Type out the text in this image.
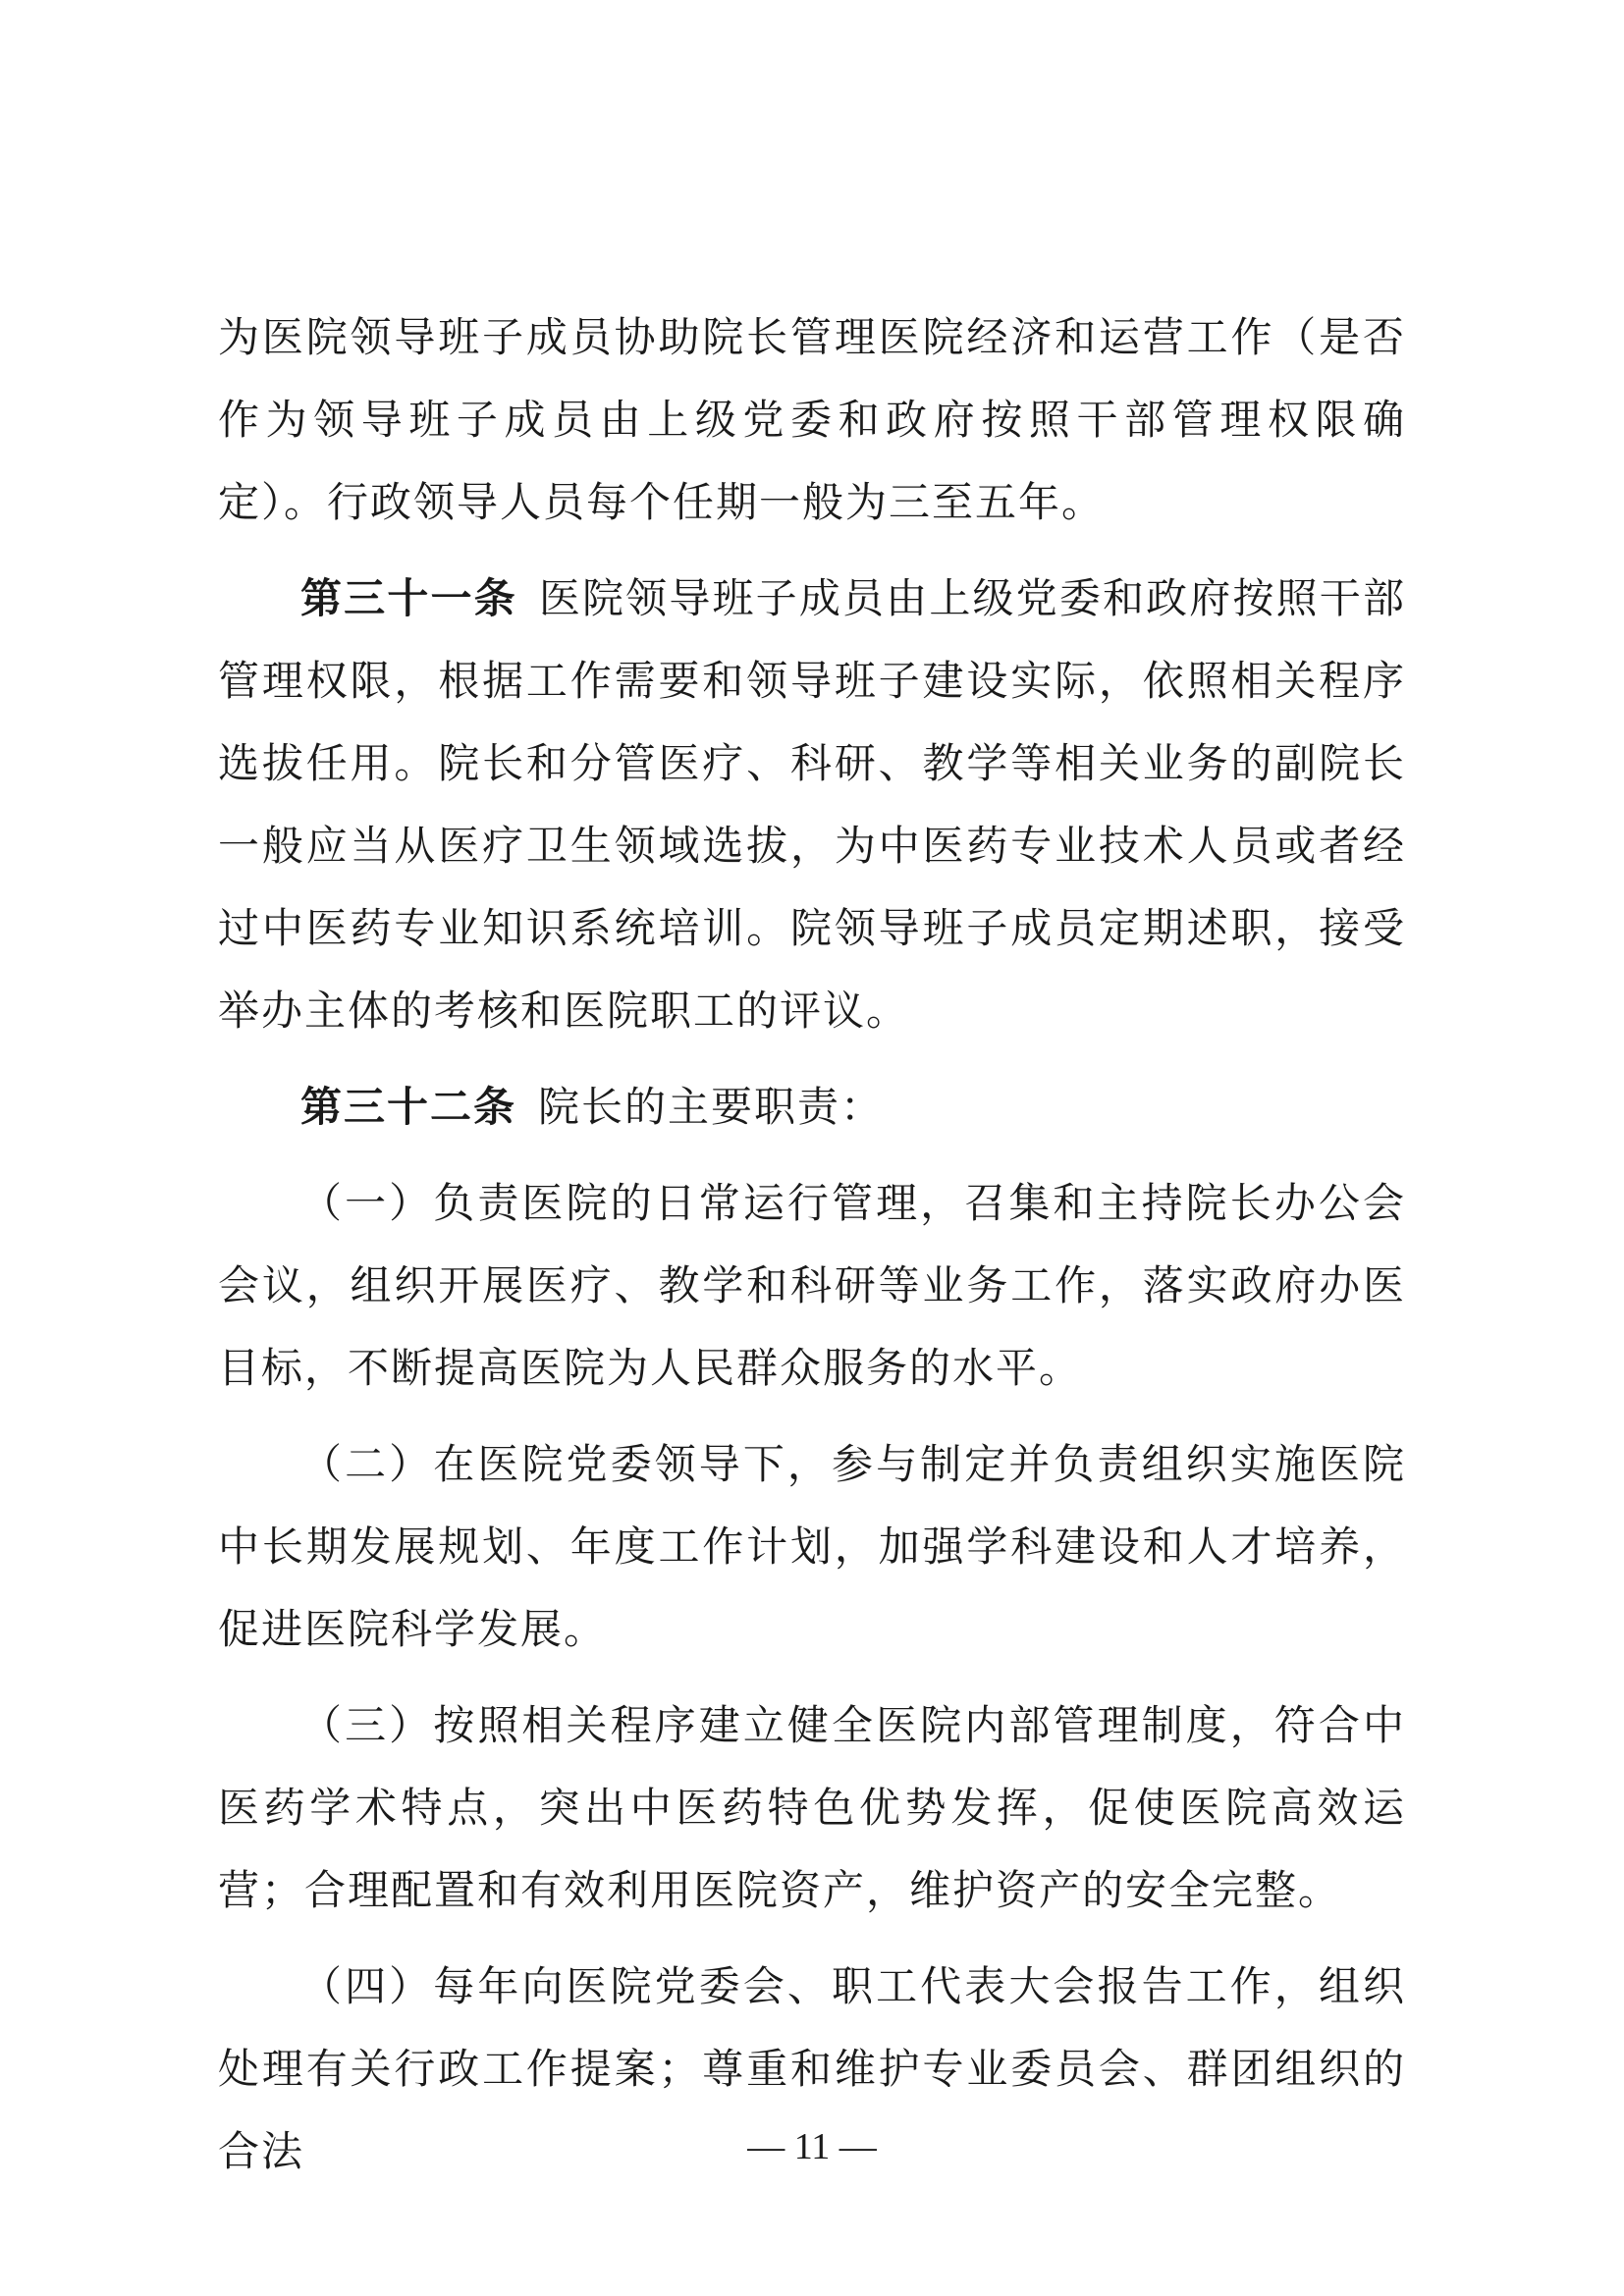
为医院领导班子成员协助院长管理医院经济和运营工作（是否作为领导班子成员由上级党委和政府按照干部管理权限确定）。行政领导人员每个任期一般为三至五年。

第三十一条 医院领导班子成员由上级党委和政府按照干部管理权限，根据工作需要和领导班子建设实际，依照相关程序选拔任用。院长和分管医疗、科研、教学等相关业务的副院长一般应当从医疗卫生领域选拔，为中医药专业技术人员或者经过中医药专业知识系统培训。院领导班子成员定期述职，接受举办主体的考核和医院职工的评议。

第三十二条 院长的主要职责：

（一）负责医院的日常运行管理，召集和主持院长办公会会议，组织开展医疗、教学和科研等业务工作，落实政府办医目标，不断提高医院为人民群众服务的水平。

（二）在医院党委领导下，参与制定并负责组织实施医院中长期发展规划、年度工作计划，加强学科建设和人才培养，促进医院科学发展。

（三）按照相关程序建立健全医院内部管理制度，符合中医药学术特点，突出中医药特色优势发挥，促使医院高效运营；合理配置和有效利用医院资产，维护资产的安全完整。

（四）每年向医院党委会、职工代表大会报告工作，组织处理有关行政工作提案；尊重和维护专业委员会、群团组织的合法	— 11 —
